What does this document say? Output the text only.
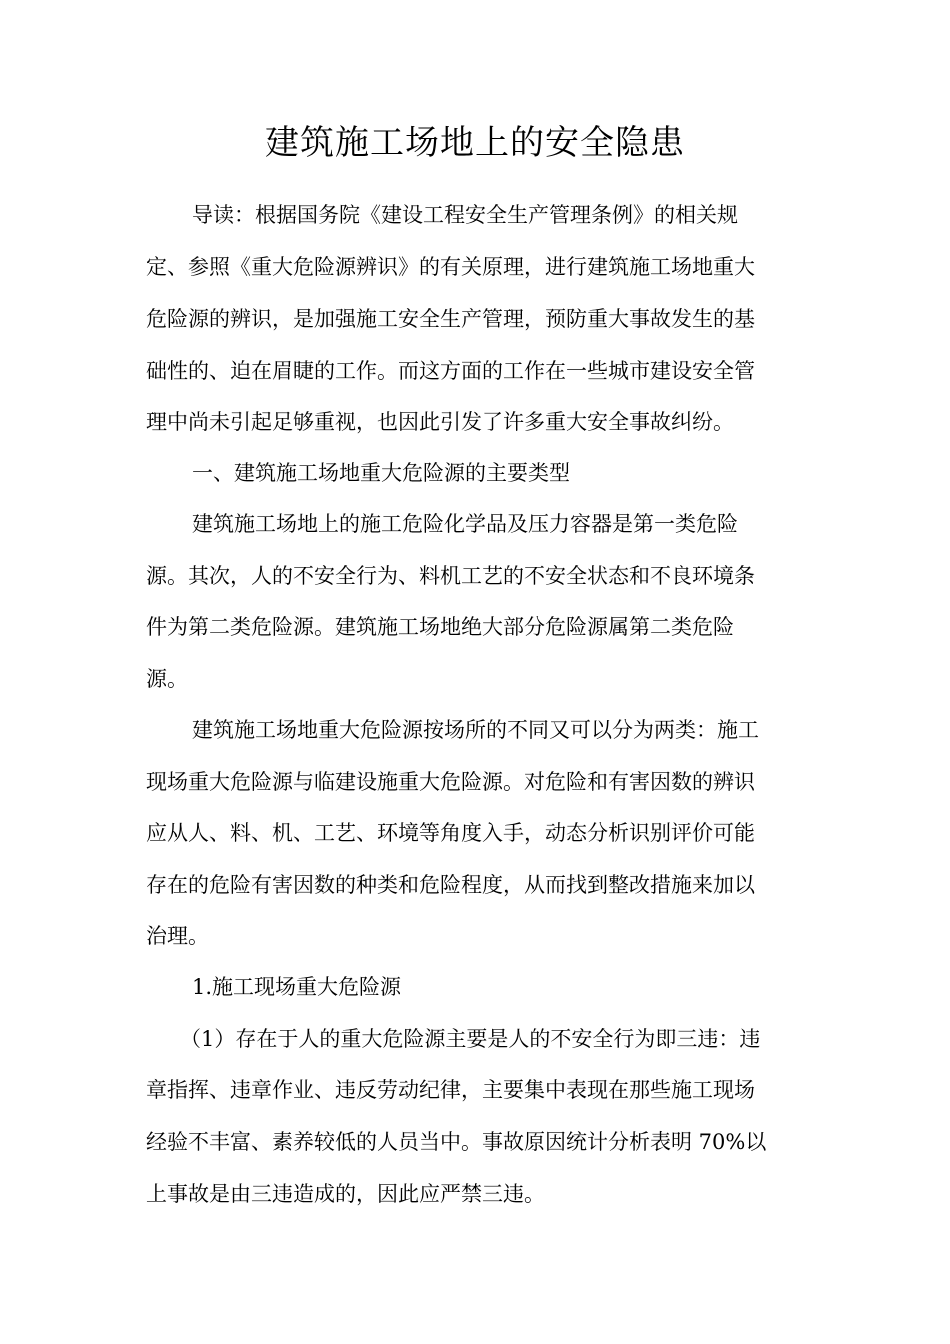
建筑施工场地上的安全隐患
导读：根据国务院《建设工程安全生产管理条例》的相关规
定、参照《重大危险源辨识》的有关原理，进行建筑施工场地重大
危险源的辨识，是加强施工安全生产管理，预防重大事故发生的基
础性的、迫在眉睫的工作。而这方面的工作在一些城市建设安全管
理中尚未引起足够重视，也因此引发了许多重大安全事故纠纷。
一、建筑施工场地重大危险源的主要类型
建筑施工场地上的施工危险化学品及压力容器是第一类危险
源。其次，人的不安全行为、料机工艺的不安全状态和不良环境条
件为第二类危险源。建筑施工场地绝大部分危险源属第二类危险
源。
建筑施工场地重大危险源按场所的不同又可以分为两类：施工
现场重大危险源与临建设施重大危险源。对危险和有害因数的辨识
应从人、料、机、工艺、环境等角度入手，动态分析识别评价可能
存在的危险有害因数的种类和危险程度，从而找到整改措施来加以
治理。
1.施工现场重大危险源
（1）存在于人的重大危险源主要是人的不安全行为即三违：违
章指挥、违章作业、违反劳动纪律，主要集中表现在那些施工现场
经验不丰富、素养较低的人员当中。事故原因统计分析表明 70%以
上事故是由三违造成的，因此应严禁三违。
